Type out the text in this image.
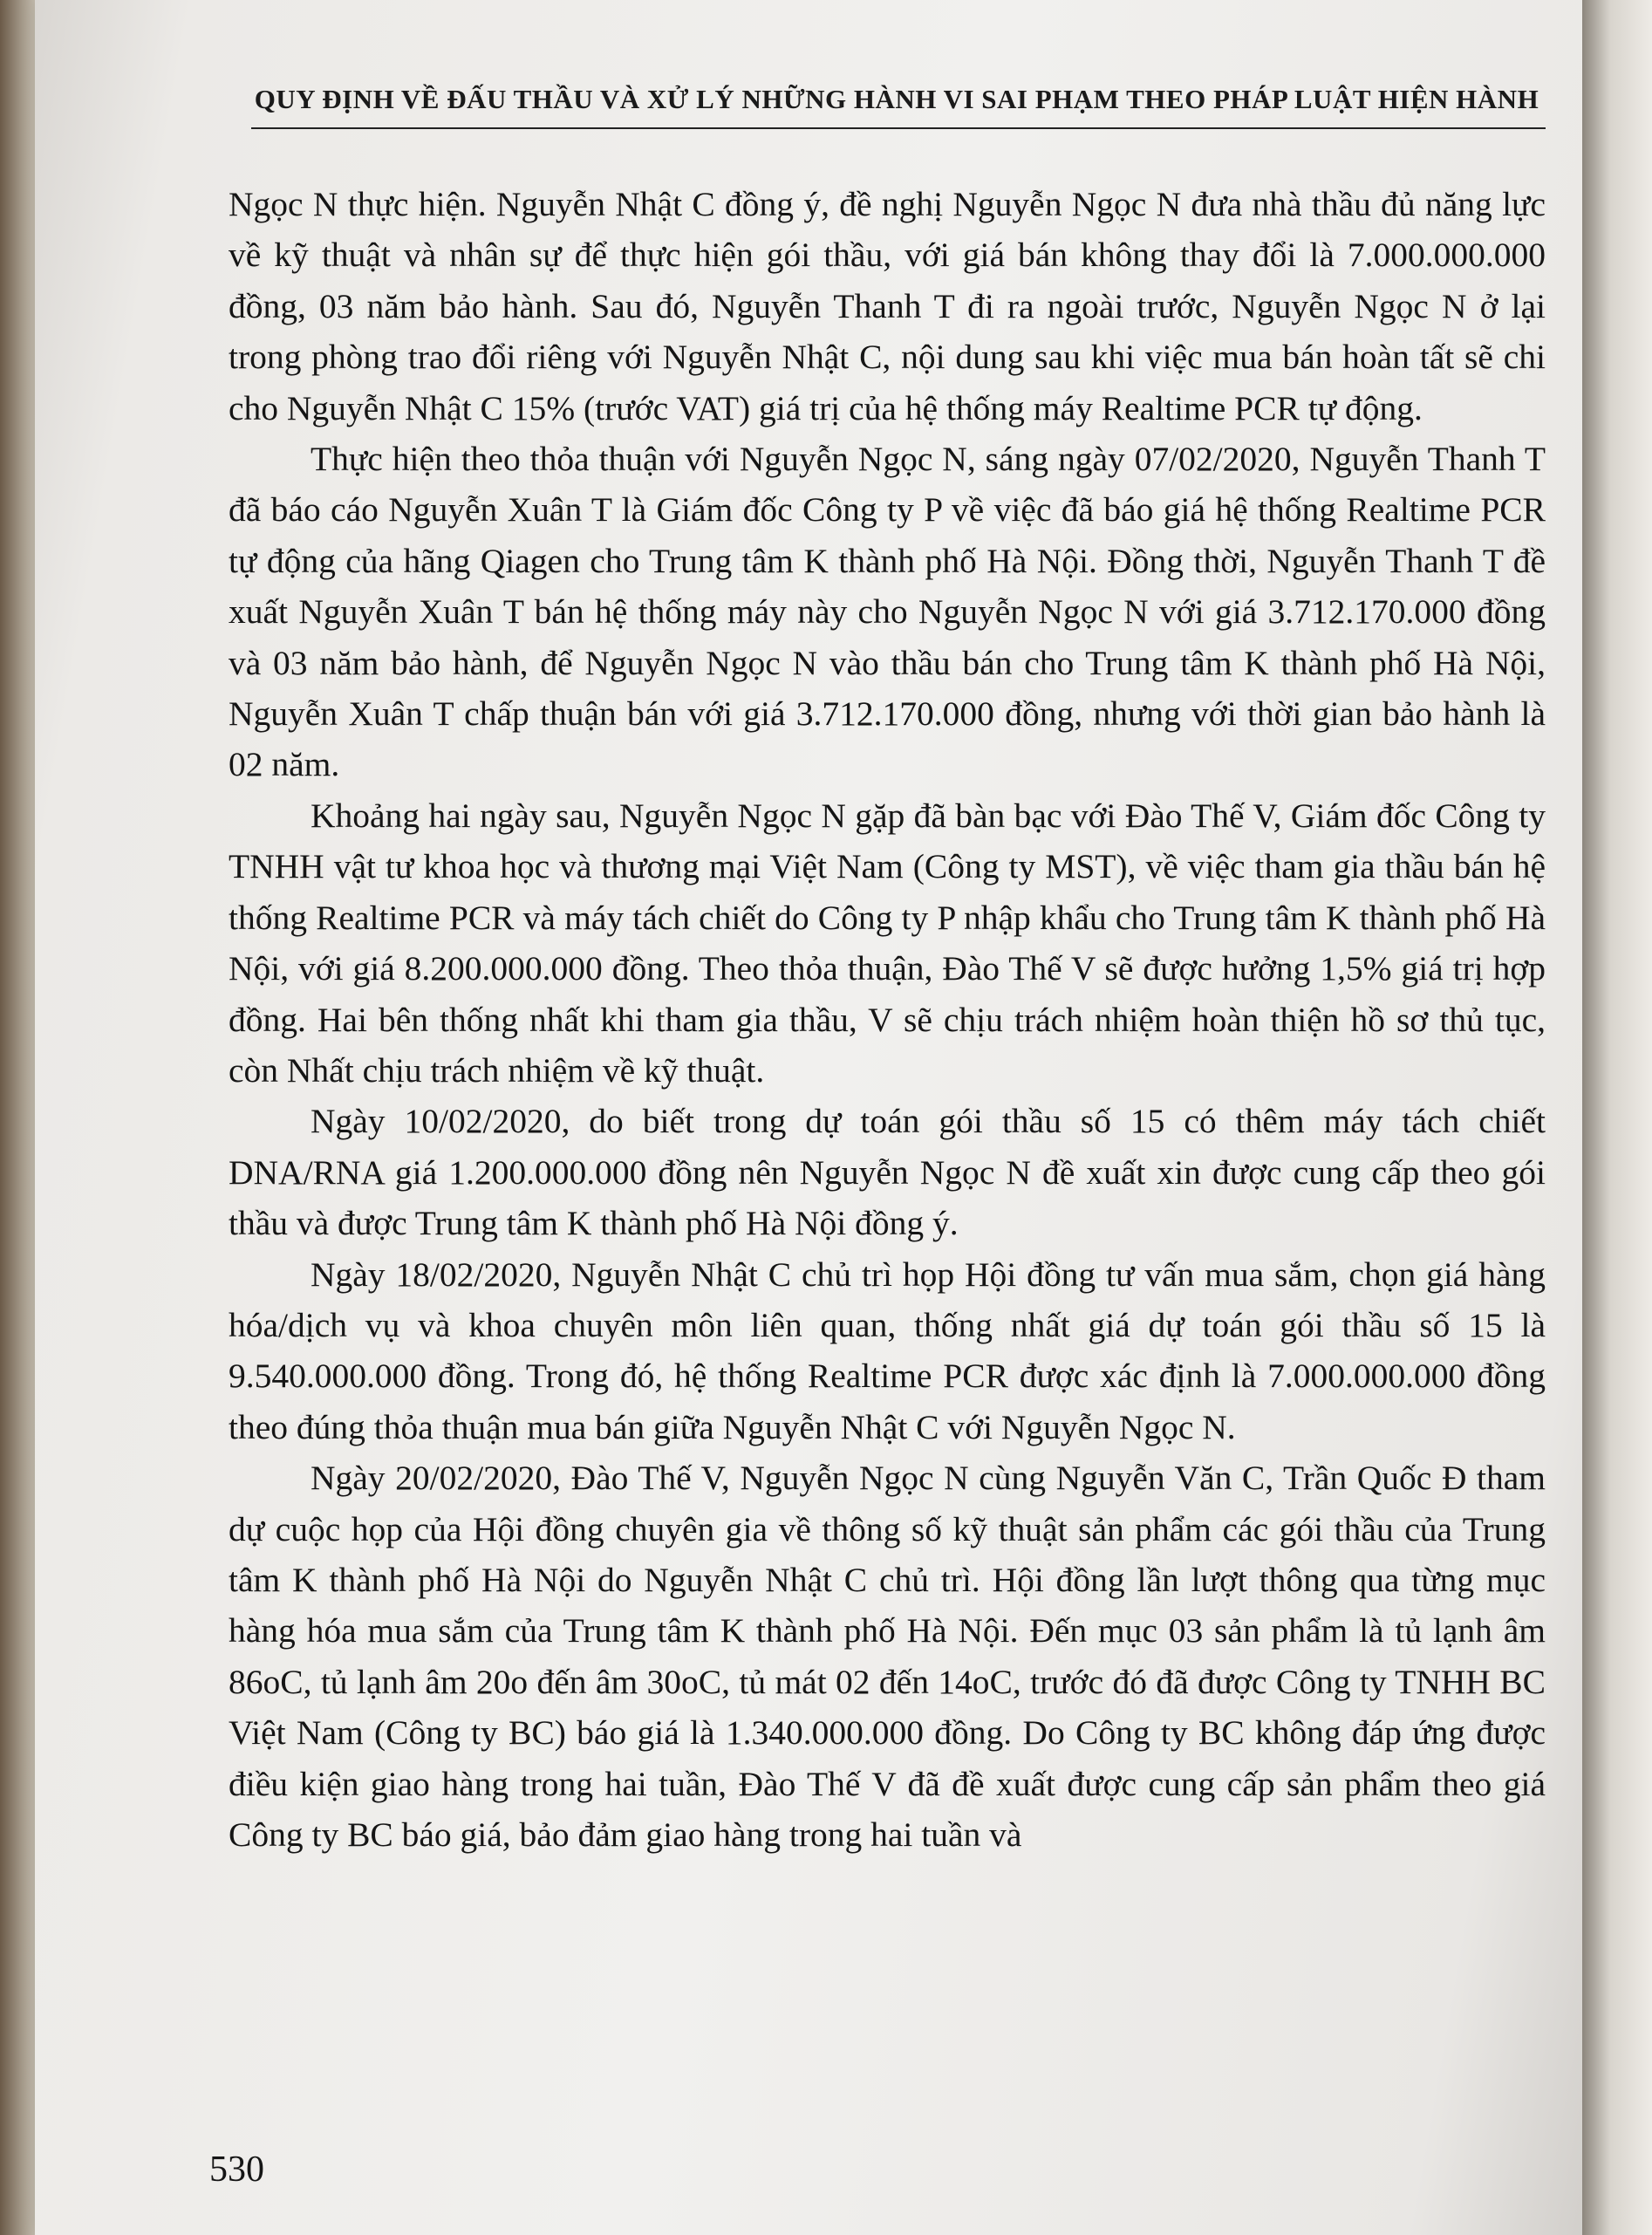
QUY ĐỊNH VỀ ĐẤU THẦU VÀ XỬ LÝ NHỮNG HÀNH VI SAI PHẠM THEO PHÁP LUẬT HIỆN HÀNH

Ngọc N thực hiện. Nguyễn Nhật C đồng ý, đề nghị Nguyễn Ngọc N đưa nhà thầu đủ năng lực về kỹ thuật và nhân sự để thực hiện gói thầu, với giá bán không thay đổi là 7.000.000.000 đồng, 03 năm bảo hành. Sau đó, Nguyễn Thanh T đi ra ngoài trước, Nguyễn Ngọc N ở lại trong phòng trao đổi riêng với Nguyễn Nhật C, nội dung sau khi việc mua bán hoàn tất sẽ chi cho Nguyễn Nhật C 15% (trước VAT) giá trị của hệ thống máy Realtime PCR tự động.

Thực hiện theo thỏa thuận với Nguyễn Ngọc N, sáng ngày 07/02/2020, Nguyễn Thanh T đã báo cáo Nguyễn Xuân T là Giám đốc Công ty P về việc đã báo giá hệ thống Realtime PCR tự động của hãng Qiagen cho Trung tâm K thành phố Hà Nội. Đồng thời, Nguyễn Thanh T đề xuất Nguyễn Xuân T bán hệ thống máy này cho Nguyễn Ngọc N với giá 3.712.170.000 đồng và 03 năm bảo hành, để Nguyễn Ngọc N vào thầu bán cho Trung tâm K thành phố Hà Nội, Nguyễn Xuân T chấp thuận bán với giá 3.712.170.000 đồng, nhưng với thời gian bảo hành là 02 năm.

Khoảng hai ngày sau, Nguyễn Ngọc N gặp đã bàn bạc với Đào Thế V, Giám đốc Công ty TNHH vật tư khoa học và thương mại Việt Nam (Công ty MST), về việc tham gia thầu bán hệ thống Realtime PCR và máy tách chiết do Công ty P nhập khẩu cho Trung tâm K thành phố Hà Nội, với giá 8.200.000.000 đồng. Theo thỏa thuận, Đào Thế V sẽ được hưởng 1,5% giá trị hợp đồng. Hai bên thống nhất khi tham gia thầu, V sẽ chịu trách nhiệm hoàn thiện hồ sơ thủ tục, còn Nhất chịu trách nhiệm về kỹ thuật.

Ngày 10/02/2020, do biết trong dự toán gói thầu số 15 có thêm máy tách chiết DNA/RNA giá 1.200.000.000 đồng nên Nguyễn Ngọc N đề xuất xin được cung cấp theo gói thầu và được Trung tâm K thành phố Hà Nội đồng ý.

Ngày 18/02/2020, Nguyễn Nhật C chủ trì họp Hội đồng tư vấn mua sắm, chọn giá hàng hóa/dịch vụ và khoa chuyên môn liên quan, thống nhất giá dự toán gói thầu số 15 là 9.540.000.000 đồng. Trong đó, hệ thống Realtime PCR được xác định là 7.000.000.000 đồng theo đúng thỏa thuận mua bán giữa Nguyễn Nhật C với Nguyễn Ngọc N.

Ngày 20/02/2020, Đào Thế V, Nguyễn Ngọc N cùng Nguyễn Văn C, Trần Quốc Đ tham dự cuộc họp của Hội đồng chuyên gia về thông số kỹ thuật sản phẩm các gói thầu của Trung tâm K thành phố Hà Nội do Nguyễn Nhật C chủ trì. Hội đồng lần lượt thông qua từng mục hàng hóa mua sắm của Trung tâm K thành phố Hà Nội. Đến mục 03 sản phẩm là tủ lạnh âm 86oC, tủ lạnh âm 20o đến âm 30oC, tủ mát 02 đến 14oC, trước đó đã được Công ty TNHH BC Việt Nam (Công ty BC) báo giá là 1.340.000.000 đồng. Do Công ty BC không đáp ứng được điều kiện giao hàng trong hai tuần, Đào Thế V đã đề xuất được cung cấp sản phẩm theo giá Công ty BC báo giá, bảo đảm giao hàng trong hai tuần và

530
